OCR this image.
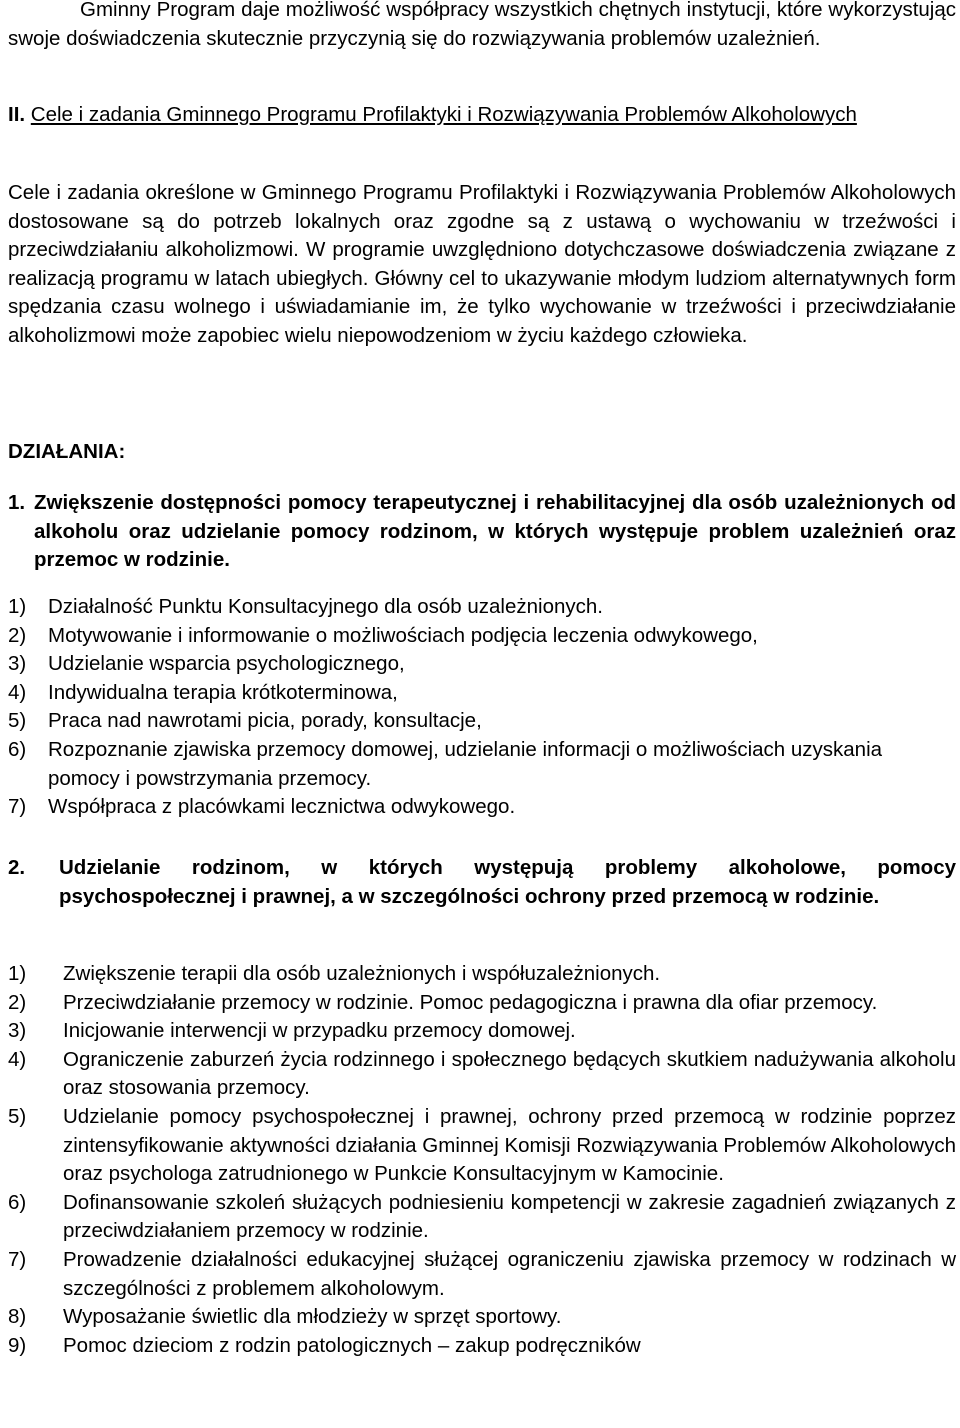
Gminny Program daje możliwość współpracy wszystkich chętnych instytucji, które wykorzystując swoje doświadczenia skutecznie przyczynią się do rozwiązywania problemów uzależnień.

II. Cele i zadania Gminnego Programu Profilaktyki i Rozwiązywania Problemów Alkoholowych

Cele i zadania określone w Gminnego Programu Profilaktyki i Rozwiązywania Problemów Alkoholowych dostosowane są do potrzeb lokalnych oraz zgodne są z ustawą o wychowaniu w trzeźwości i przeciwdziałaniu alkoholizmowi. W programie uwzględniono dotychczasowe doświadczenia związane z realizacją programu w latach ubiegłych. Główny cel to ukazywanie młodym ludziom alternatywnych form spędzania czasu wolnego i uświadamianie im, że tylko wychowanie w trzeźwości i przeciwdziałanie alkoholizmowi może zapobiec wielu niepowodzeniom w życiu każdego człowieka.

DZIAŁANIA:

1. Zwiększenie dostępności pomocy terapeutycznej i rehabilitacyjnej dla osób uzależnionych od alkoholu oraz udzielanie pomocy rodzinom, w których występuje problem uzależnień oraz przemoc w rodzinie.
1) Działalność Punktu Konsultacyjnego dla osób uzależnionych.
2) Motywowanie i informowanie o możliwościach podjęcia leczenia odwykowego,
3) Udzielanie wsparcia psychologicznego,
4) Indywidualna terapia krótkoterminowa,
5) Praca nad nawrotami picia, porady, konsultacje,
6) Rozpoznanie zjawiska przemocy domowej, udzielanie informacji o możliwościach uzyskania pomocy i powstrzymania przemocy.
7) Współpraca z placówkami lecznictwa odwykowego.
2.	Udzielanie rodzinom, w których występują problemy alkoholowe, pomocy psychospołecznej i prawnej, a w szczególności ochrony przed przemocą w rodzinie.
1) Zwiększenie terapii dla osób uzależnionych i współuzależnionych.
2) Przeciwdziałanie przemocy w rodzinie. Pomoc pedagogiczna i prawna dla ofiar przemocy.
3) Inicjowanie interwencji w przypadku przemocy domowej.
4) Ograniczenie zaburzeń życia rodzinnego i społecznego będących skutkiem nadużywania alkoholu oraz stosowania przemocy.
5) Udzielanie pomocy psychospołecznej i prawnej, ochrony przed przemocą w rodzinie poprzez zintensyfikowanie aktywności działania Gminnej Komisji Rozwiązywania Problemów Alkoholowych oraz psychologa zatrudnionego w Punkcie Konsultacyjnym w Kamocinie.
6) Dofinansowanie szkoleń służących podniesieniu kompetencji w zakresie zagadnień związanych z przeciwdziałaniem przemocy w rodzinie.
7) Prowadzenie działalności edukacyjnej służącej ograniczeniu zjawiska przemocy w rodzinach w szczególności z problemem alkoholowym.
8) Wyposażanie świetlic dla młodzieży w sprzęt sportowy.
9) Pomoc dzieciom z rodzin patologicznych – zakup podręczników
